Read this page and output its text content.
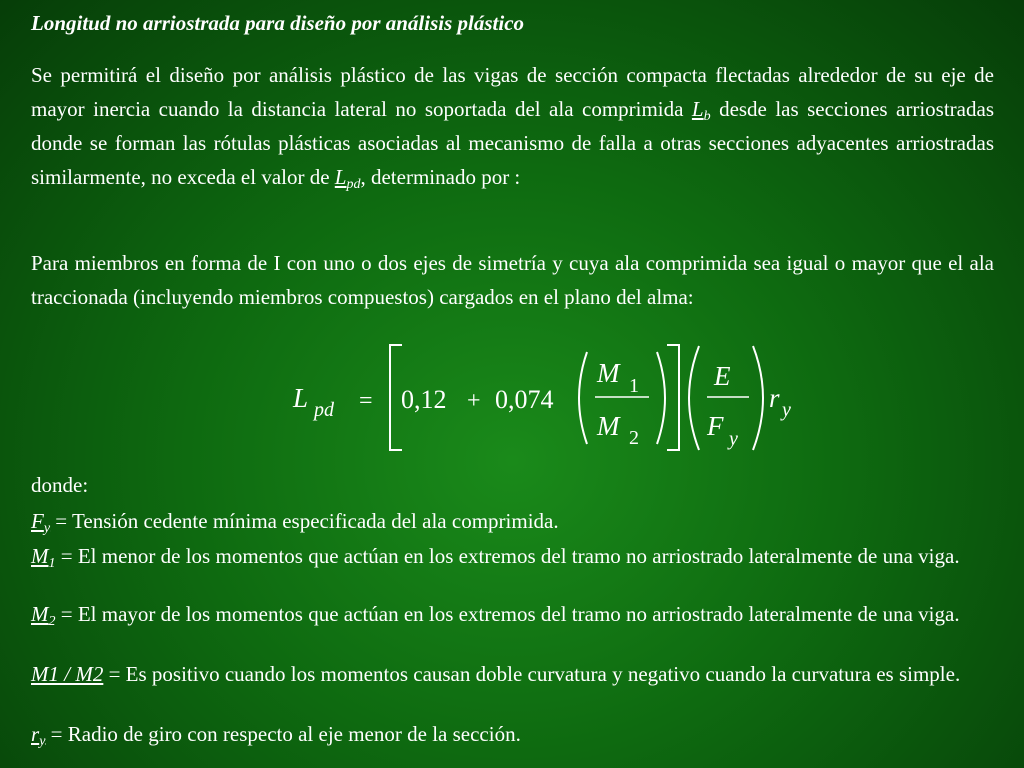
Longitud no arriostrada para diseño por análisis plástico

Se permitirá el diseño por análisis plástico de las vigas de sección compacta flectadas alrededor de su eje de mayor inercia cuando la distancia lateral no soportada del ala comprimida $L_b$ desde las secciones arriostradas donde se forman las rótulas plásticas asociadas al mecanismo de falla a otras secciones adyacentes arriostradas similarmente, no exceda el valor de $L_{pd}$, determinado por :

Para miembros en forma de I con uno o dos ejes de simetría y cuya ala comprimida sea igual o mayor que el ala traccionada (incluyendo miembros compuestos) cargados en el plano del alma:

L pd = 0,12 + 0,074
M 1
M 2
E
F y
r y
donde:
$F_y$ = Tensión cedente mínima especificada del ala comprimida.
$M_1 = El$ menor de los momentos que actúan en los extremos del tramo no arriostrado lateralmente de una viga.
$M_2 = El$ mayor de los momentos que actúan en los extremos del tramo no arriostrado lateralmente de una viga.
M1 / M2 = Es positivo cuando los momentos causan doble curvatura y negativo cuando la curvatura es simple.
$r_y$ = Radio de giro con respecto al eje menor de la sección.
